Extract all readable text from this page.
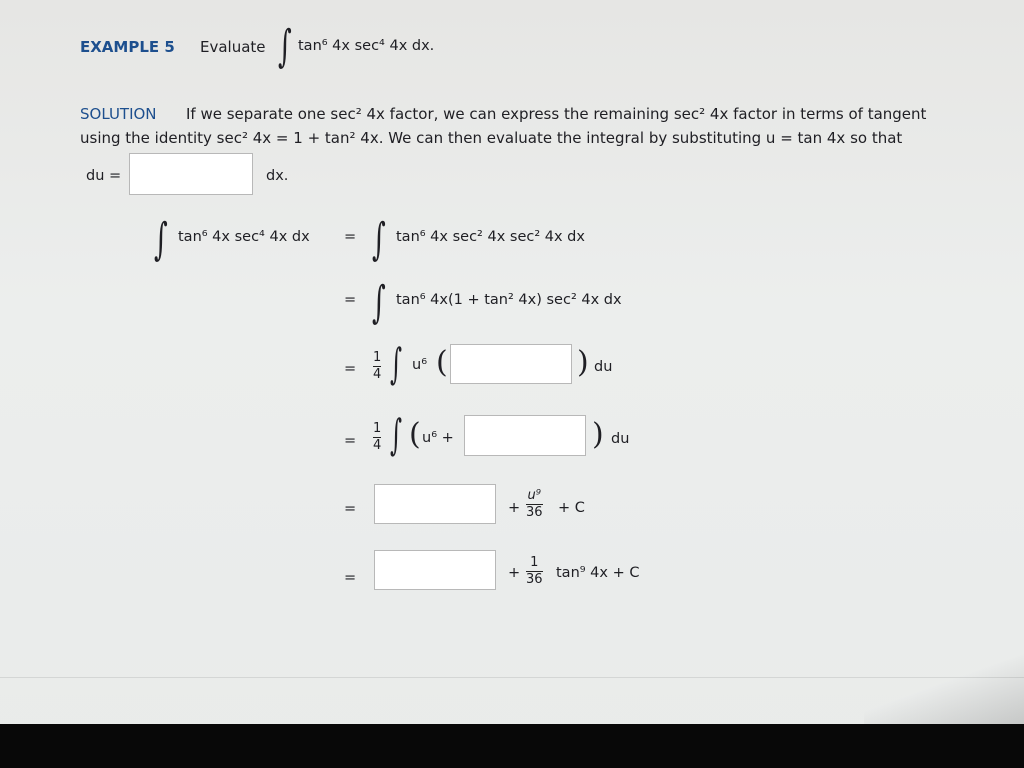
EXAMPLE 5 Evaluate ∫ tan⁶ 4x sec⁴ 4x dx.
SOLUTION If we separate one sec² 4x factor, we can express the remaining sec² 4x factor in terms of tangent
using the identity sec² 4x = 1 + tan² 4x. We can then evaluate the integral by substituting u = tan 4x so that
du =	dx.
∫ tan⁶ 4x sec⁴ 4x dx = ∫ tan⁶ 4x sec² 4x sec² 4x dx
= ∫ tan⁶ 4x(1 + tan² 4x) sec² 4x dx
=
1
4 ∫ u⁶ (	) du
=
1
4 ∫ ( u⁶ +	) du
=	+
u⁹
36 + C
=	+
1
36 tan⁹ 4x + C
